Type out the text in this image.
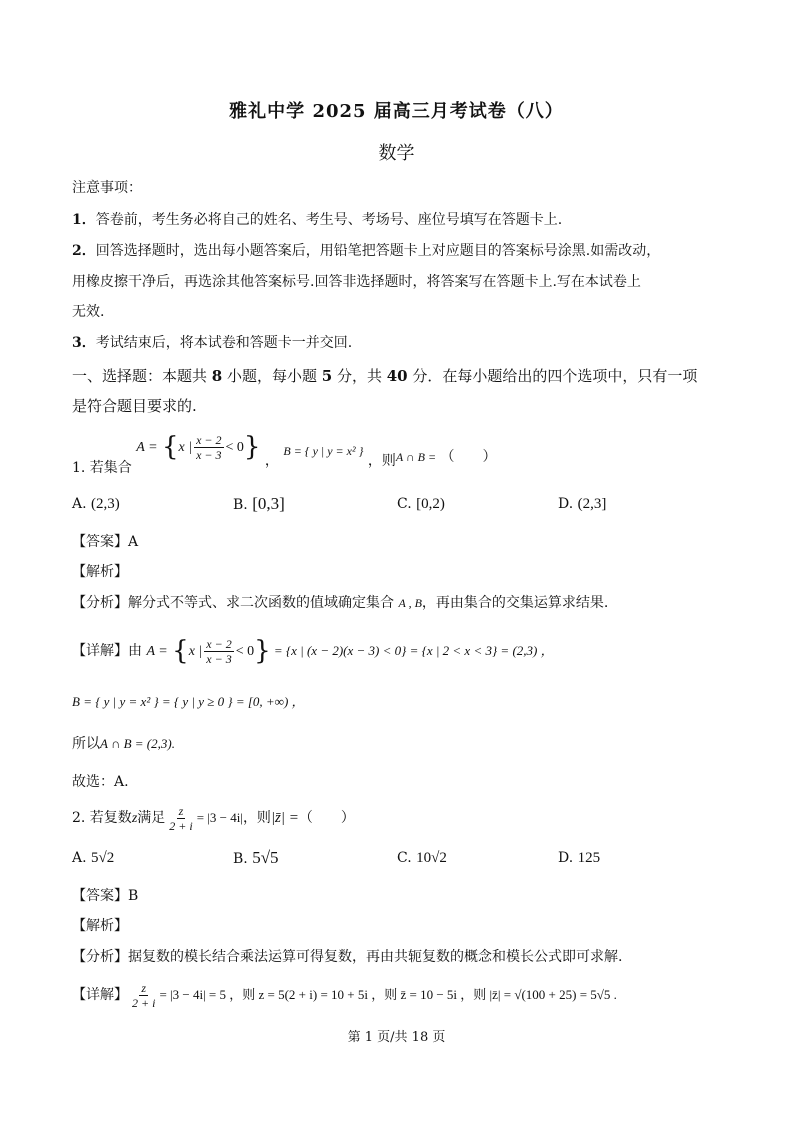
雅礼中学 2025 届高三月考试卷（八）
数学
注意事项：
1．答卷前，考生务必将自己的姓名、考生号、考场号、座位号填写在答题卡上.
2．回答选择题时，选出每小题答案后，用铅笔把答题卡上对应题目的答案标号涂黑.如需改动，
用橡皮擦干净后，再选涂其他答案标号.回答非选择题时，将答案写在答题卡上.写在本试卷上
无效.
3．考试结束后，将本试卷和答题卡一并交回.
一、选择题：本题共 8 小题，每小题 5 分，共 40 分．在每小题给出的四个选项中，只有一项
是符合题目要求的.
1. 若集合 A = {x | $\frac{x - 2}{x - 3} < 0$} ， B = { y | y = x² } ，则A ∩ B = （　　）
A. (2,3)	B. [0,3]	C. [0,2)	D. (2,3]
【答案】A
【解析】
【分析】解分式不等式、求二次函数的值域确定集合 A , B，再由集合的交集运算求结果.
【详解】由 A = {x | $\frac{x - 2}{x - 3} < 0\} = \{x$ | (x − 2)(x − 3) < 0} = {x | 2 < x < 3} = (2,3) ，
B = { y | y = x² } = { y | y ≥ 0 } = [0, +∞) ，
所以A ∩ B = (2,3).
故选：A.
2. 若复数z满足 $\frac{z}{2 + i} = |3 - 4i|$，则|z̄| =（　　）
A. 5√2	B. 5√5	C. 10√2	D. 125
【答案】B
【解析】
【分析】据复数的模长结合乘法运算可得复数，再由共轭复数的概念和模长公式即可求解.
【详解】 $\frac{z}{2 + i} = |3 - 4i| = 5$ ，则 z = 5(2 + i) = 10 + 5i ，则 z̄ = 10 − 5i ，则 |z̄| = √(100 + 25) = 5√5 .
第 1 页/共 18 页
